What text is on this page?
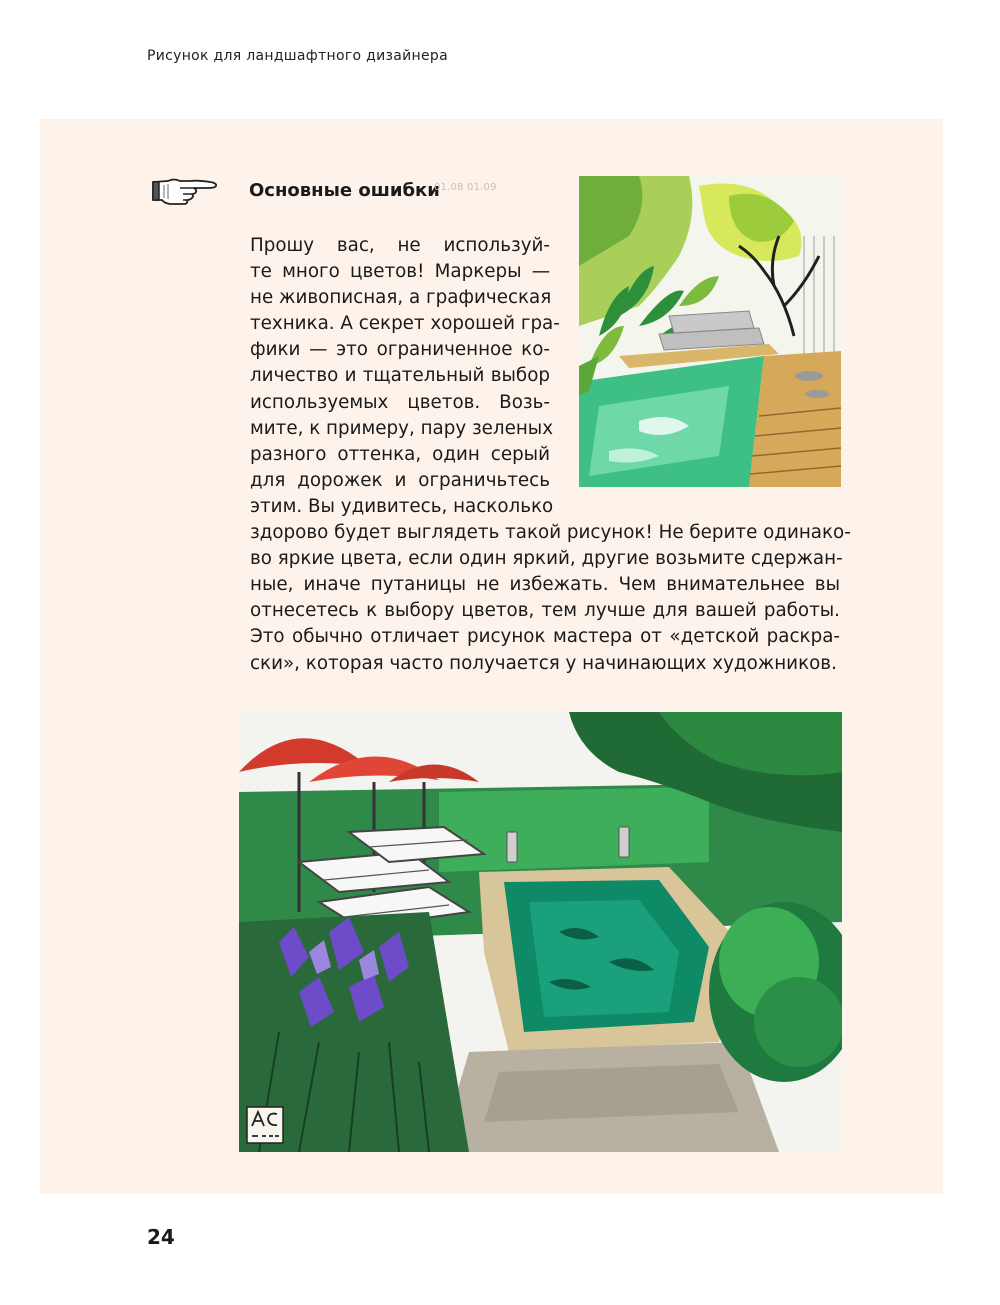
Рисунок для ландшафтного дизайнера
Основные ошибки
01.08 01.09
Прошу вас, не используй-
те много цветов! Маркеры —
не живописная, а графическая
техника. А секрет хорошей гра-
фики — это ограниченное ко-
личество и тщательный выбор
используемых цветов. Возь-
мите, к примеру, пару зеленых
разного оттенка, один серый
для дорожек и ограничьтесь
этим. Вы удивитесь, насколько
здорово будет выглядеть такой рисунок! Не берите одинако-
во яркие цвета, если один яркий, другие возьмите сдержан-
ные, иначе путаницы не избежать. Чем внимательнее вы
отнесетесь к выбору цветов, тем лучше для вашей работы.
Это обычно отличает рисунок мастера от «детской раскра-
ски», которая часто получается у начинающих художников.
24
